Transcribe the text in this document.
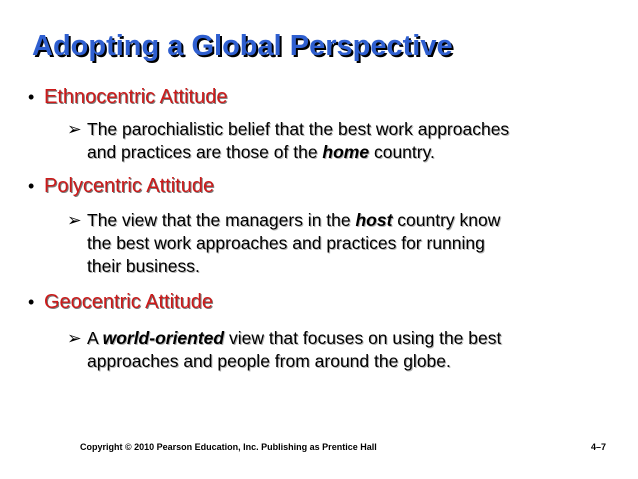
Adopting a Global Perspective
• Ethnocentric Attitude
➢ The parochialistic belief that the best work approaches
and practices are those of the home country.
• Polycentric Attitude
➢ The view that the managers in the host country know
the best work approaches and practices for running
their business.
• Geocentric Attitude
➢ A world-oriented view that focuses on using the best
approaches and people from around the globe.
Copyright © 2010 Pearson Education, Inc. Publishing as Prentice Hall	4–7
